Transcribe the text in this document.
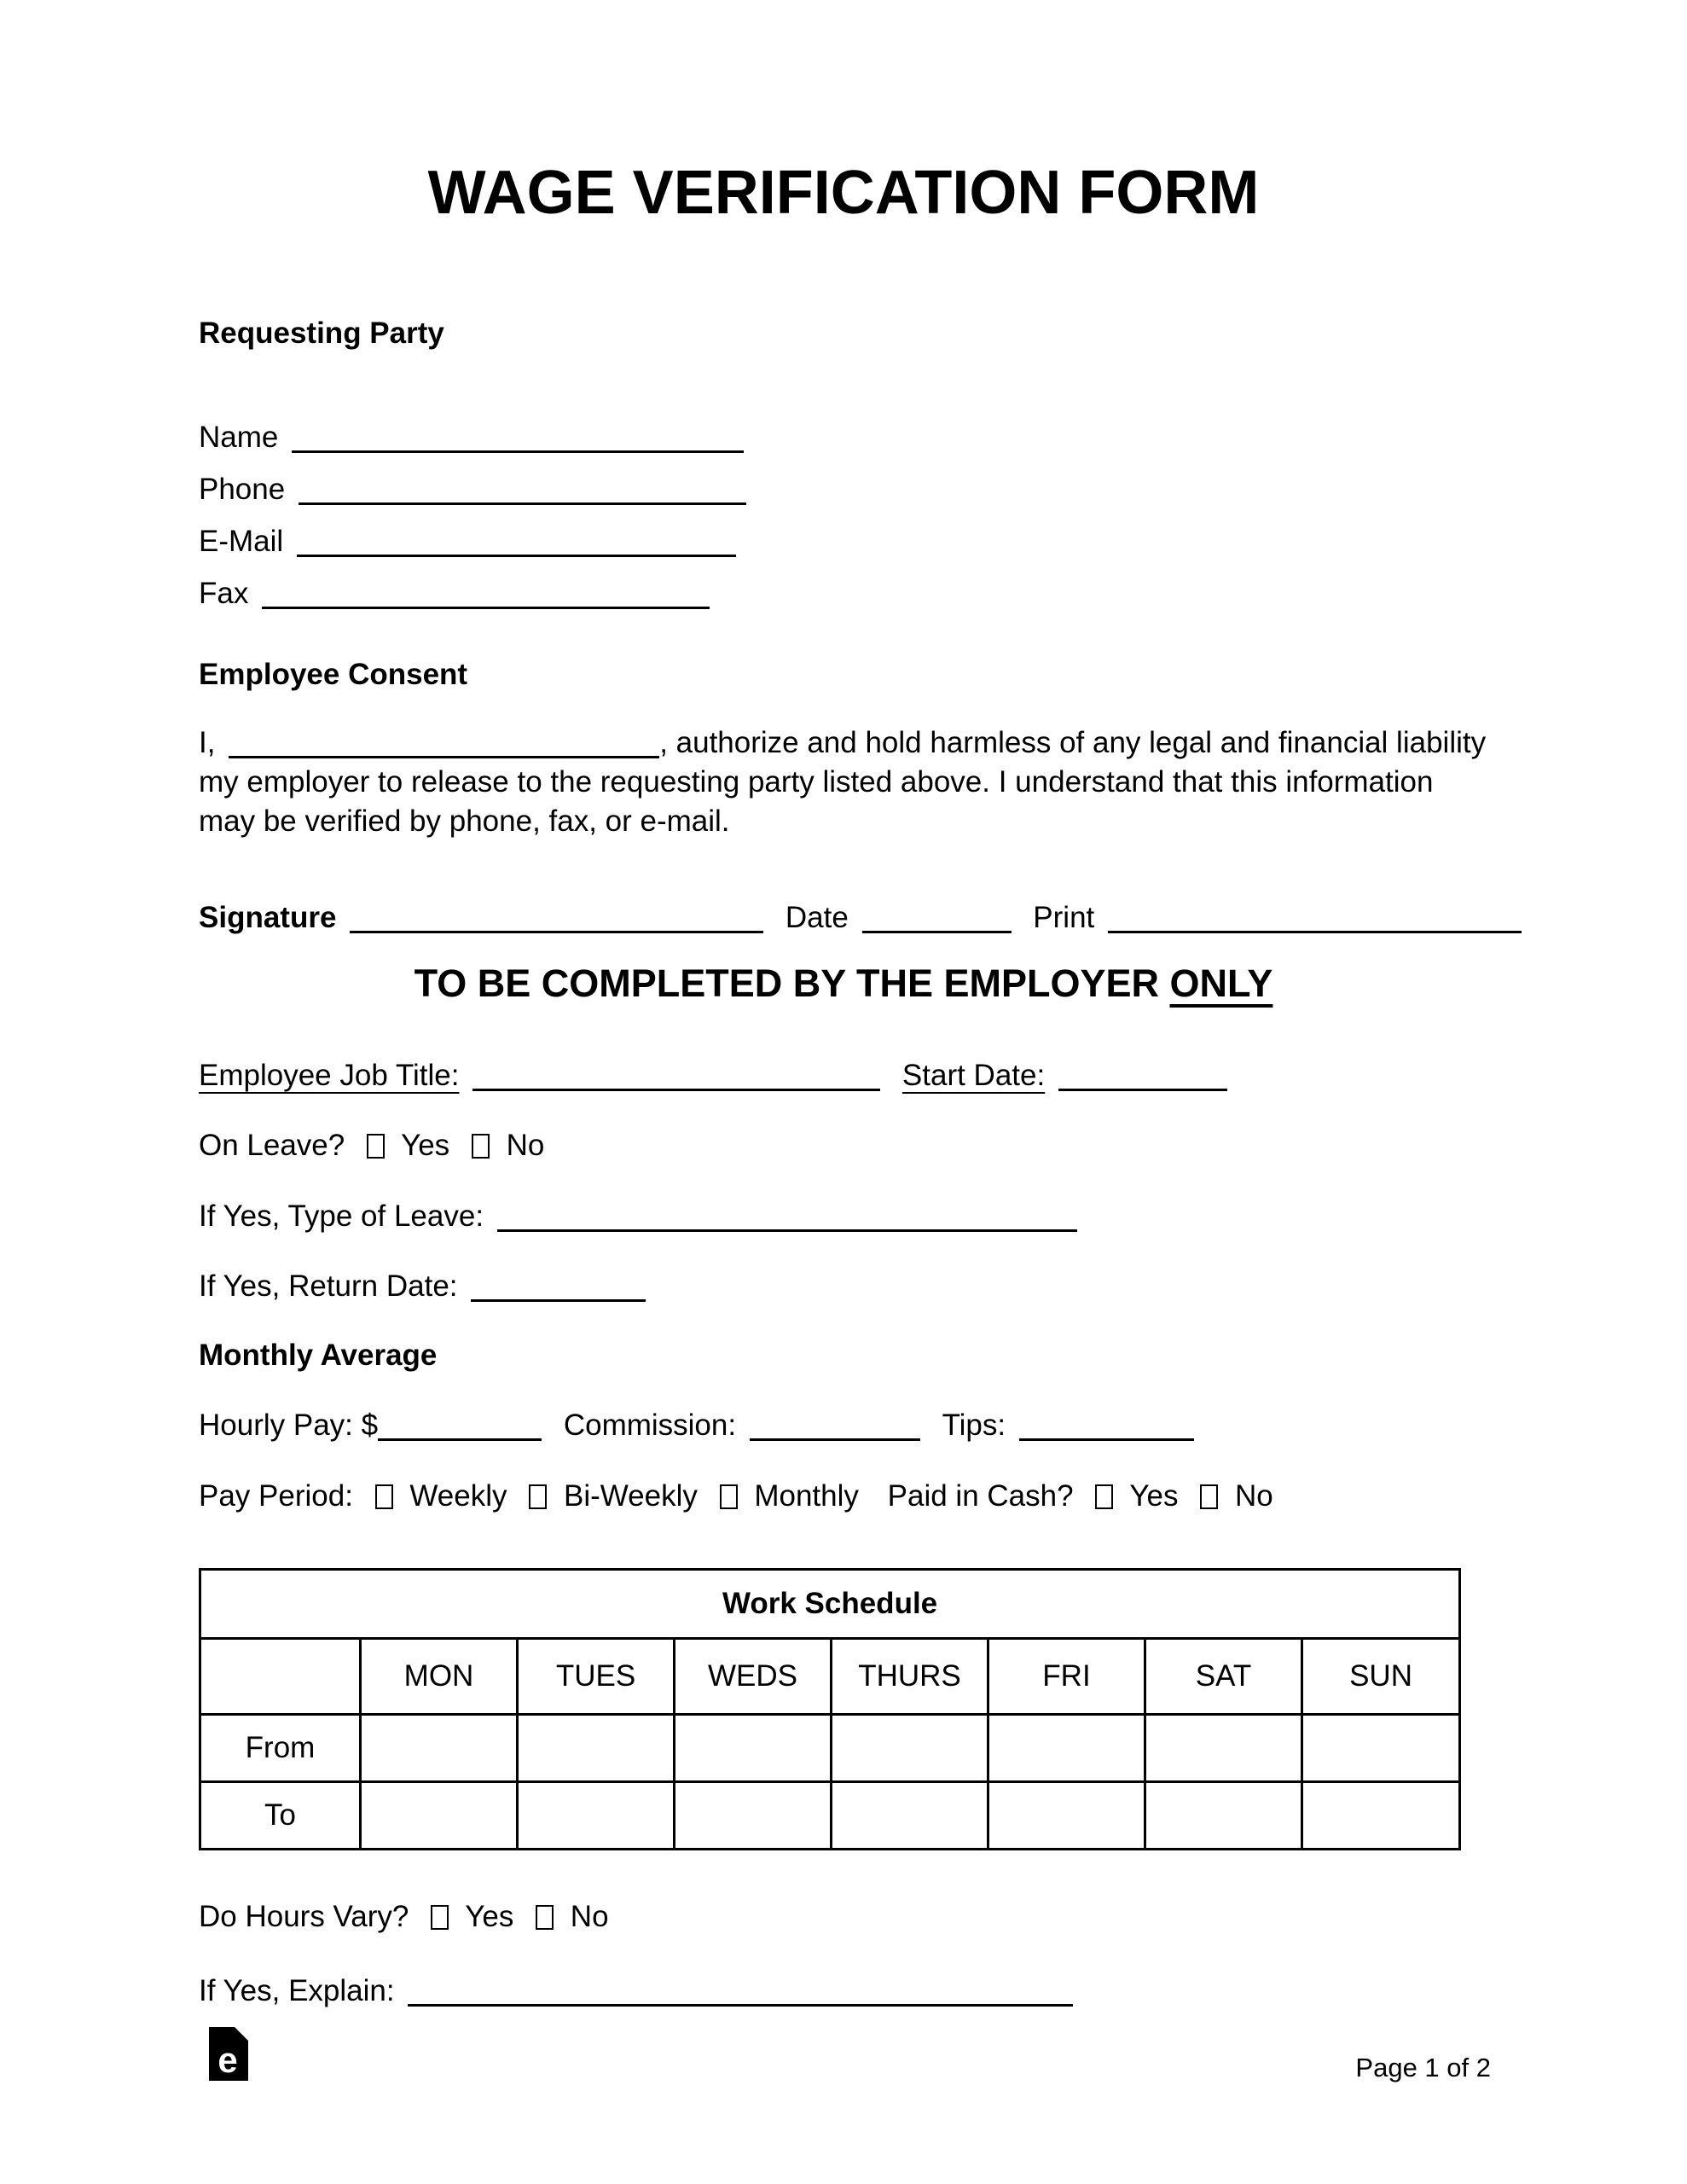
WAGE VERIFICATION FORM
Requesting Party
Name
Phone
E-Mail
Fax
Employee Consent
I,	, authorize and hold harmless of any legal and financial liability my employer to release to the requesting party listed above. I understand that this information may be verified by phone, fax, or e-mail.
Signature	Date	Print
TO BE COMPLETED BY THE EMPLOYER ONLY
Employee Job Title:	Start Date:
On Leave? Yes No
If Yes, Type of Leave:
If Yes, Return Date:
Monthly Average
Hourly Pay: $	Commission:	Tips:
Pay Period: Weekly Bi-Weekly Monthly Paid in Cash? Yes No
Work Schedule							
	MON	TUES	WEDS	THURS	FRI	SAT	SUN
From							
To							
Do Hours Vary? Yes No
If Yes, Explain:
e	Page 1 of 2
